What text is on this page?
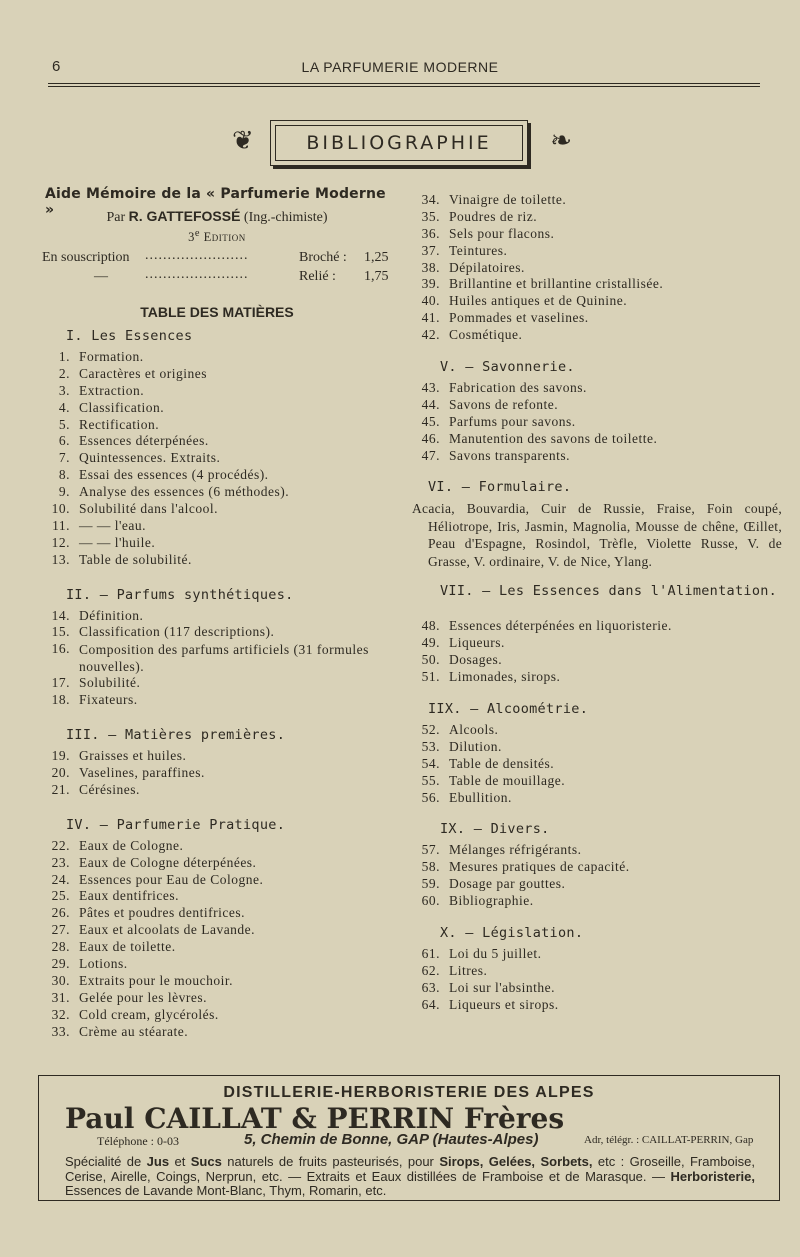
6	LA PARFUMERIE MODERNE
❦	BIBLIOGRAPHIE	❧
Aide Mémoire de la « Parfumerie Moderne »	Par R. GATTEFOSSÉ (Ing.-chimiste)
3e Edition
En souscription .......................	Broché : 1,25
—	.......................	Relié : 1,75
TABLE DES MATIÈRES
I. Les Essences
1. Formation.
2. Caractères et origines
3. Extraction.
4. Classification.
5. Rectification.
6. Essences déterpénées.
7. Quintessences. Extraits.
8. Essai des essences (4 procédés).
9. Analyse des essences (6 méthodes).
10. Solubilité dans l'alcool.
11. — — l'eau.
12. — — l'huile.
13. Table de solubilité.
II. — Parfums synthétiques.
14. Définition.
15. Classification (117 descriptions).
16. Composition des parfums artificiels (31 formules nouvelles).
17. Solubilité.
18. Fixateurs.
III. — Matières premières.
19. Graisses et huiles.
20. Vaselines, paraffines.
21. Cérésines.
IV. — Parfumerie Pratique.
22. Eaux de Cologne.
23. Eaux de Cologne déterpénées.
24. Essences pour Eau de Cologne.
25. Eaux dentifrices.
26. Pâtes et poudres dentifrices.
27. Eaux et alcoolats de Lavande.
28. Eaux de toilette.
29. Lotions.
30. Extraits pour le mouchoir.
31. Gelée pour les lèvres.
32. Cold cream, glycérolés.
33. Crème au stéarate.
34. Vinaigre de toilette.
35. Poudres de riz.
36. Sels pour flacons.
37. Teintures.
38. Dépilatoires.
39. Brillantine et brillantine cristallisée.
40. Huiles antiques et de Quinine.
41. Pommades et vaselines.
42. Cosmétique.
V. — Savonnerie.
43. Fabrication des savons.
44. Savons de refonte.
45. Parfums pour savons.
46. Manutention des savons de toilette.
47. Savons transparents.
VI. — Formulaire.

Acacia, Bouvardia, Cuir de Russie, Fraise, Foin coupé, Héliotrope, Iris, Jasmin, Magnolia, Mousse de chêne, Œillet, Peau d'Espagne, Rosindol, Trèfle, Violette Russe, V. de Grasse, V. ordinaire, V. de Nice, Ylang.

VII. — Les Essences dans l'Alimentation.
48. Essences déterpénées en liquoristerie.
49. Liqueurs.
50. Dosages.
51. Limonades, sirops.
IIX. — Alcoométrie.
52. Alcools.
53. Dilution.
54. Table de densités.
55. Table de mouillage.
56. Ebullition.
IX. — Divers.
57. Mélanges réfrigérants.
58. Mesures pratiques de capacité.
59. Dosage par gouttes.
60. Bibliographie.
X. — Législation.
61. Loi du 5 juillet.
62. Litres.
63. Loi sur l'absinthe.
64. Liqueurs et sirops.
DISTILLERIE-HERBORISTERIE DES ALPES
Paul CAILLAT & PERRIN Frères
Téléphone : 0-03	5, Chemin de Bonne, GAP (Hautes-Alpes)	Adr, télégr. : CAILLAT-PERRIN, Gap
Spécialité de Jus et Sucs naturels de fruits pasteurisés, pour Sirops, Gelées, Sorbets, etc : Groseille, Framboise, Cerise, Airelle, Coings, Nerprun, etc. — Extraits et Eaux distillées de Framboise et de Marasque. — Herboristerie, Essences de Lavande Mont-Blanc, Thym, Romarin, etc.
